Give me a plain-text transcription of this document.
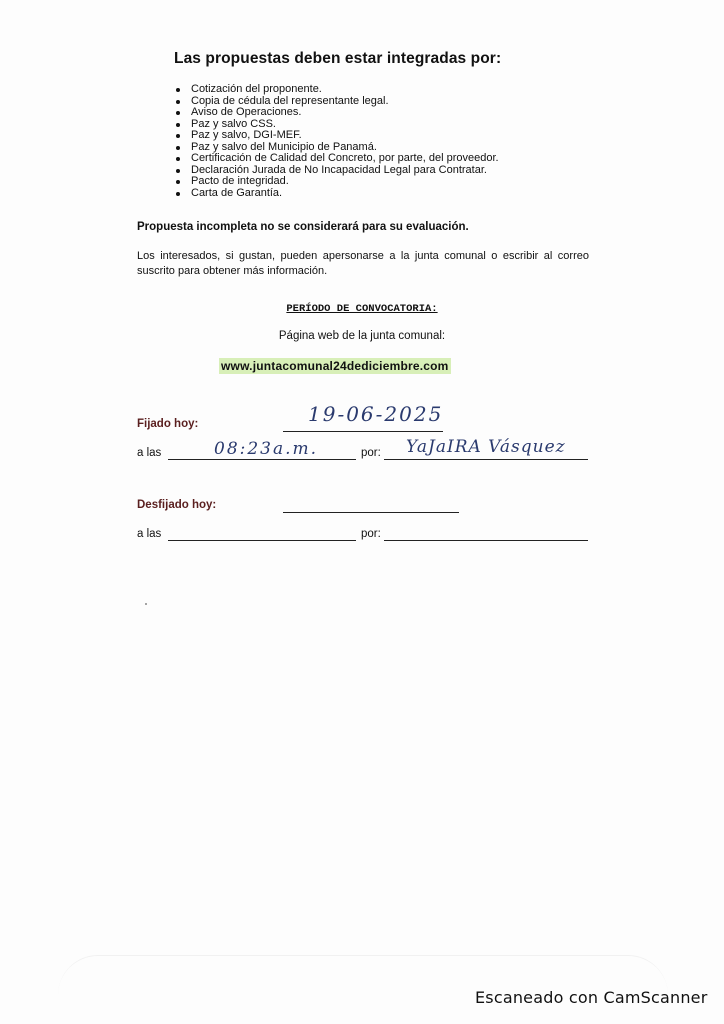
Las propuestas deben estar integradas por:
Cotización del proponente.
Copia de cédula del representante legal.
Aviso de Operaciones.
Paz y salvo CSS.
Paz y salvo, DGI-MEF.
Paz y salvo del Municipio de Panamá.
Certificación de Calidad del Concreto, por parte, del proveedor.
Declaración Jurada de No Incapacidad Legal para Contratar.
Pacto de integridad.
Carta de Garantía.
Propuesta incompleta no se considerará para su evaluación.
Los interesados, si gustan, pueden apersonarse a la junta comunal o escribir al correo suscrito para obtener más información.
PERÍODO DE CONVOCATORIA:
Página web de la junta comunal:
www.juntacomunal24dediciembre.com
Fijado hoy:	19-06-2025
a las	08:23a.m.	por: YaJaIRA Vásquez
Desfijado hoy:
a las	por:
Escaneado con CamScanner
